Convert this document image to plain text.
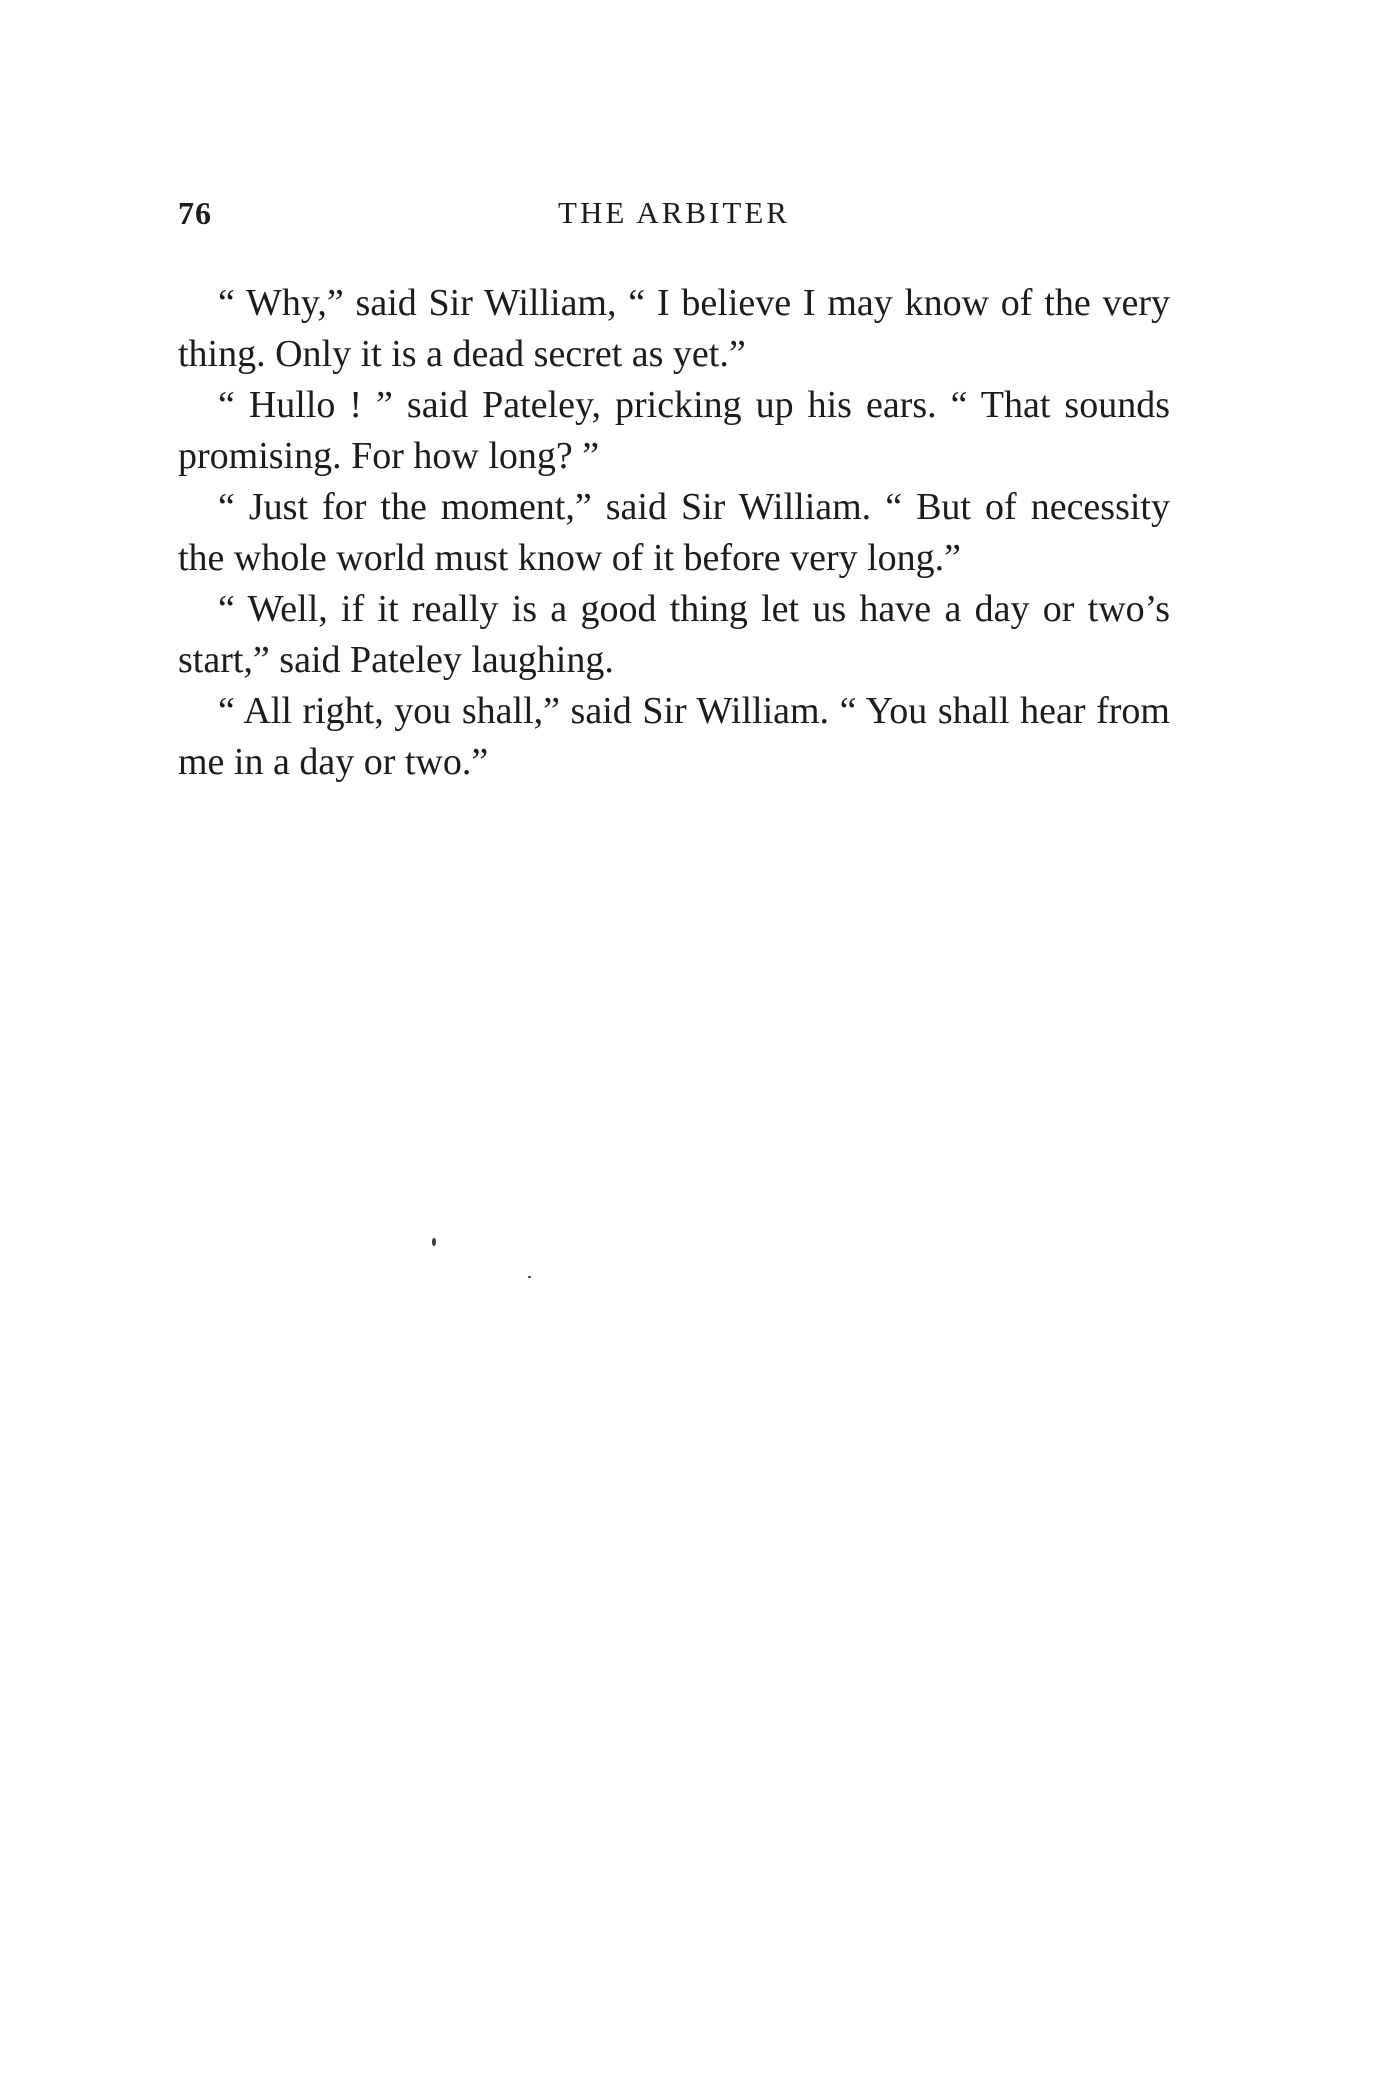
76	THE ARBITER

“ Why,” said Sir William, “ I believe I may know of the very thing. Only it is a dead secret as yet.”

“ Hullo ! ” said Pateley, pricking up his ears. “ That sounds promising. For how long? ”

“ Just for the moment,” said Sir William. “ But of necessity the whole world must know of it before very long.”

“ Well, if it really is a good thing let us have a day or two’s start,” said Pateley laughing.

“ All right, you shall,” said Sir William. “ You shall hear from me in a day or two.”
